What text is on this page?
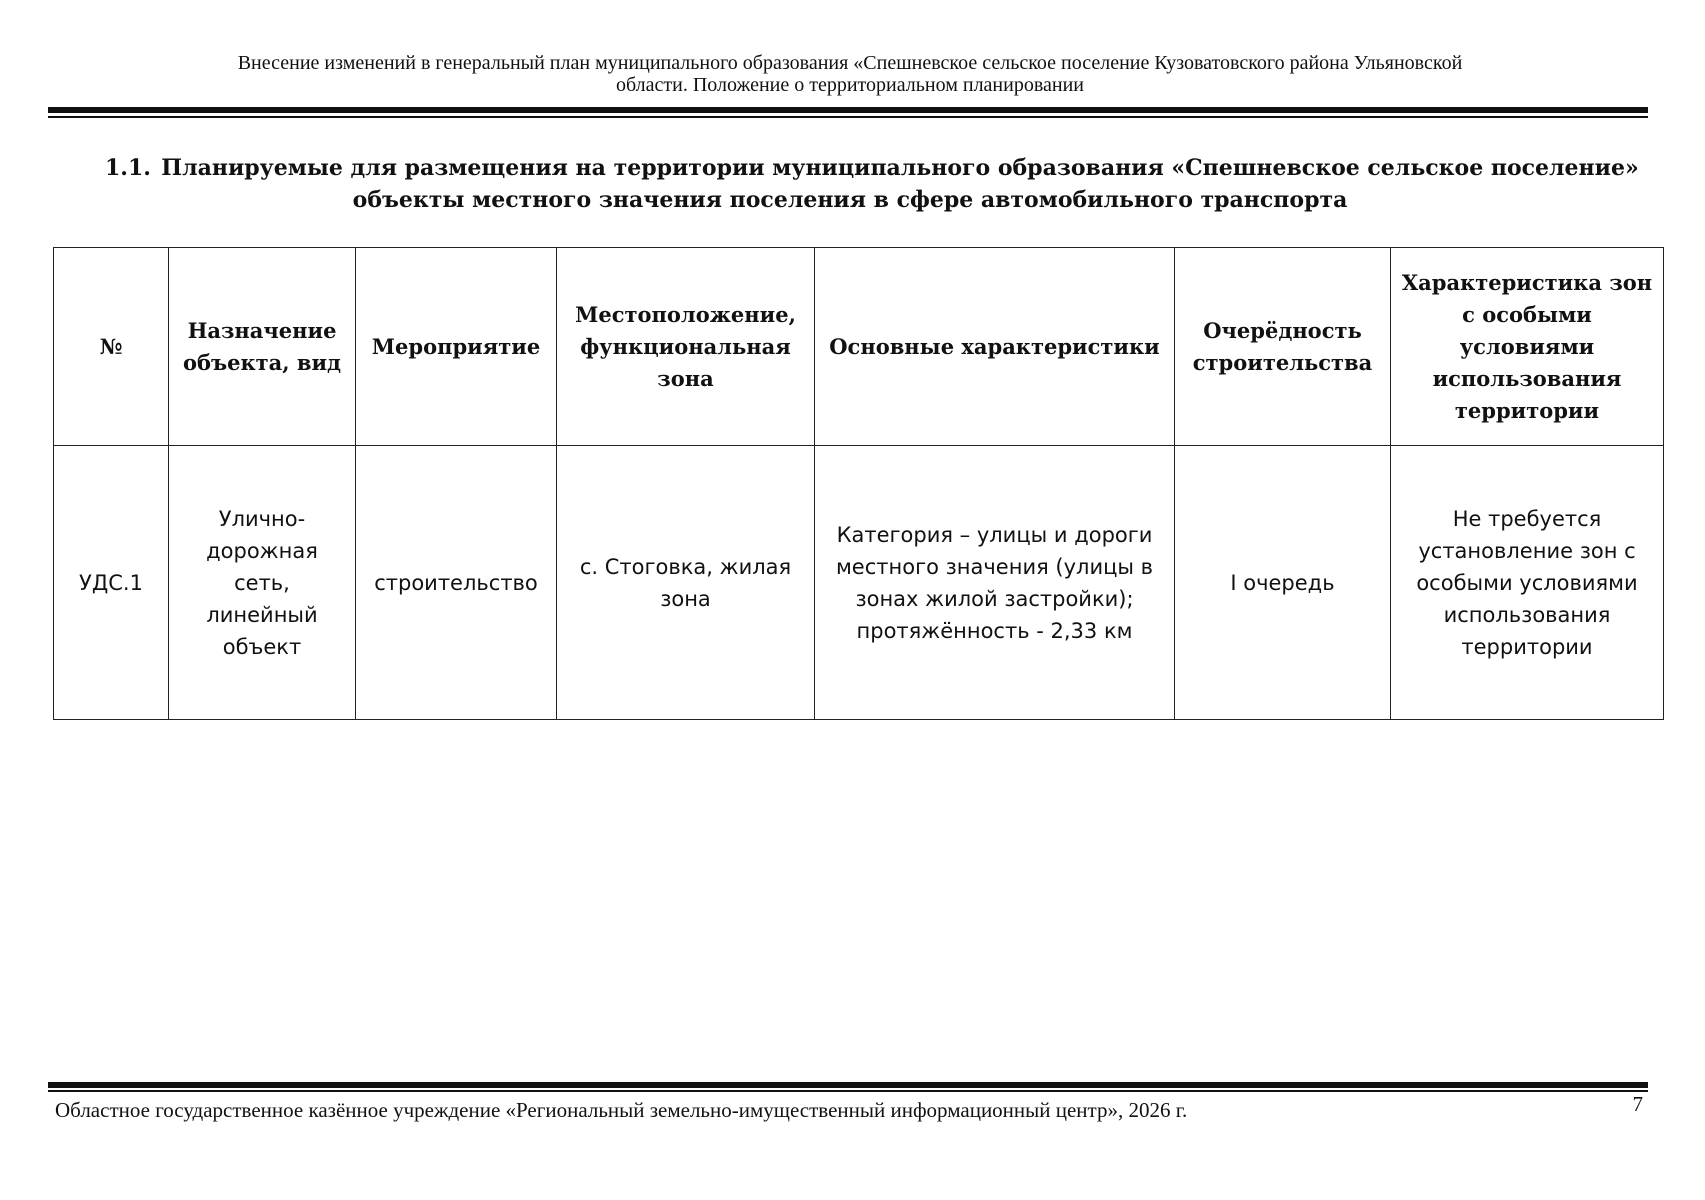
Внесение изменений в генеральный план муниципального образования «Спешневское сельское поселение Кузоватовского района Ульяновской
области. Положение о территориальном планировании
1.1. Планируемые для размещения на территории муниципального образования «Спешневское сельское поселение»
объекты местного значения поселения в сфере автомобильного транспорта
№	Назначение объекта, вид	Мероприятие	Местоположение, функциональная зона	Основные характеристики	Очерёдность строительства	Характеристика зон с особыми условиями использования территории
УДС.1	Улично-дорожная сеть, линейный объект	строительство	с. Стоговка, жилая зона	Категория – улицы и дороги местного значения (улицы в зонах жилой застройки); протяжённость - 2,33 км	I очередь	Не требуется установление зон с особыми условиями использования территории
Областное государственное казённое учреждение «Региональный земельно-имущественный информационный центр», 2026 г.	7
